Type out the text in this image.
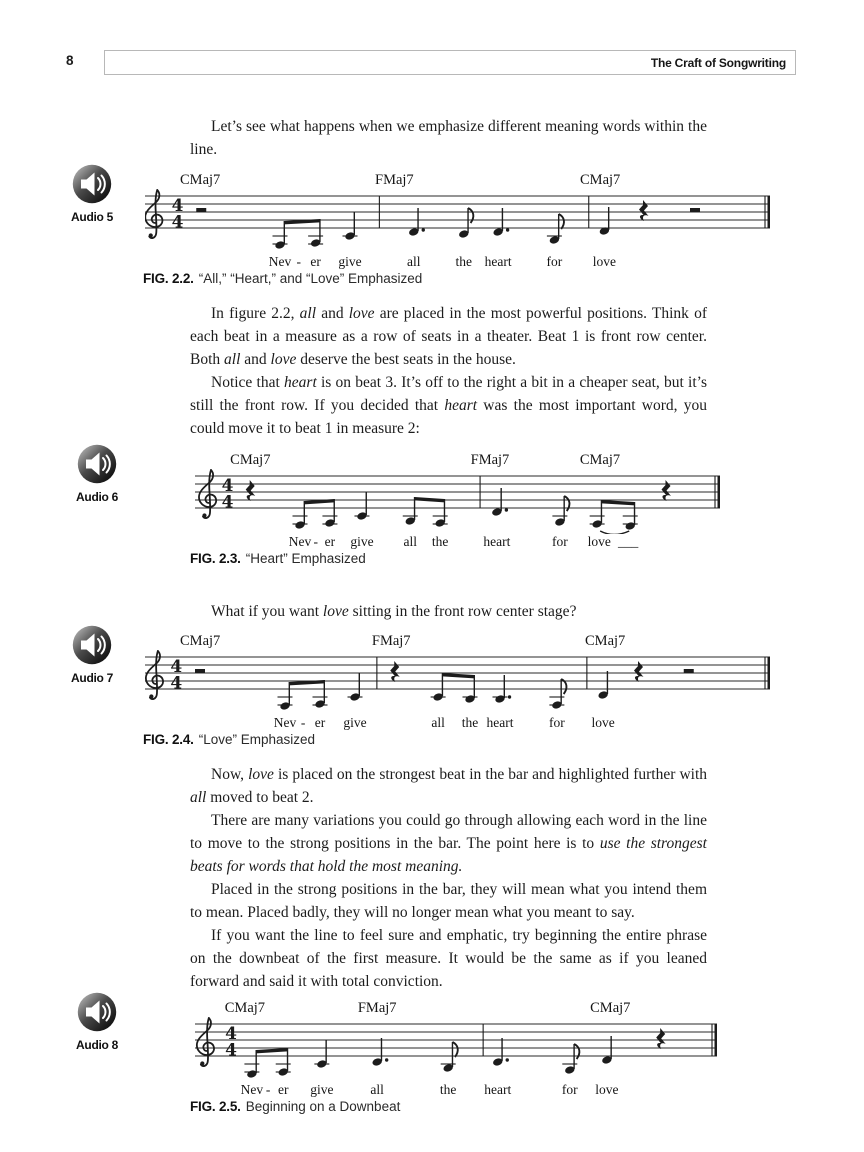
8	The Craft of Songwriting

Let’s see what happens when we emphasize different meaning words within the line.

Audio 5
CMaj7	FMaj7	CMaj7
4
4
Nev - er give	all	the heart	for love
FIG. 2.2. “All,” “Heart,” and “Love” Emphasized

In figure 2.2, all and love are placed in the most powerful positions. Think of each beat in a measure as a row of seats in a theater. Beat 1 is front row center. Both all and love deserve the best seats in the house.

Notice that heart is on beat 3. It’s off to the right a bit in a cheaper seat, but it’s still the front row. If you decided that heart was the most important word, you could move it to beat 1 in measure 2:

Audio 6
CMaj7	FMaj7	CMaj7
4
4
Nev - er give all the	heart	for love ___
FIG. 2.3. “Heart” Emphasized

What if you want love sitting in the front row center stage?

Audio 7
CMaj7	FMaj7	CMaj7
4
4
Nev - er give	all the heart	for love
FIG. 2.4. “Love” Emphasized

Now, love is placed on the strongest beat in the bar and highlighted further with all moved to beat 2.

There are many variations you could go through allowing each word in the line to move to the strong positions in the bar. The point here is to use the strongest beats for words that hold the most meaning.

Placed in the strong positions in the bar, they will mean what you intend them to mean. Placed badly, they will no longer mean what you meant to say.

If you want the line to feel sure and emphatic, try beginning the entire phrase on the downbeat of the first measure. It would be the same as if you leaned forward and said it with total conviction.

Audio 8
CMaj7	FMaj7	CMaj7
4
4
Nev - er give	all	the heart	for love
FIG. 2.5. Beginning on a Downbeat
